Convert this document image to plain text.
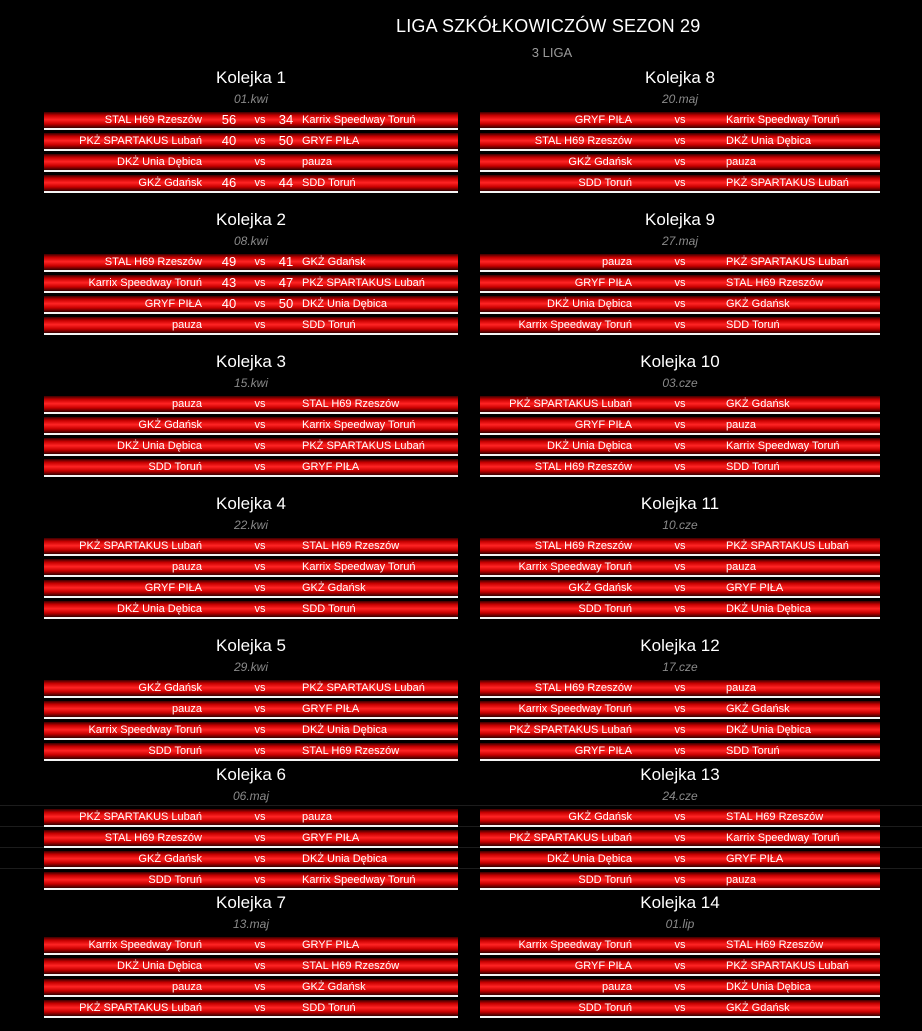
LIGA SZKÓŁKOWICZÓW SEZON 29
3 LIGA
Kolejka 1
01.kwi
STAL H69 Rzeszów	56	vs	34 Karrix Speedway Toruń
PKŻ SPARTAKUS Lubań	40	vs	50 GRYF PIŁA
DKŻ Unia Dębica	vs	pauza
GKŻ Gdańsk	46	vs	44 SDD Toruń
Kolejka 2
08.kwi
STAL H69 Rzeszów	49	vs	41 GKŻ Gdańsk
Karrix Speedway Toruń	43	vs	47 PKŻ SPARTAKUS Lubań
GRYF PIŁA	40	vs	50 DKŻ Unia Dębica
pauza	vs	SDD Toruń
Kolejka 3
15.kwi
pauza	vs	STAL H69 Rzeszów
GKŻ Gdańsk	vs	Karrix Speedway Toruń
DKŻ Unia Dębica	vs	PKŻ SPARTAKUS Lubań
SDD Toruń	vs	GRYF PIŁA
Kolejka 4
22.kwi
PKŻ SPARTAKUS Lubań	vs	STAL H69 Rzeszów
pauza	vs	Karrix Speedway Toruń
GRYF PIŁA	vs	GKŻ Gdańsk
DKŻ Unia Dębica	vs	SDD Toruń
Kolejka 5
29.kwi
GKŻ Gdańsk	vs	PKŻ SPARTAKUS Lubań
pauza	vs	GRYF PIŁA
Karrix Speedway Toruń	vs	DKŻ Unia Dębica
SDD Toruń	vs	STAL H69 Rzeszów
Kolejka 6
06.maj
PKŻ SPARTAKUS Lubań	vs	pauza
STAL H69 Rzeszów	vs	GRYF PIŁA
GKŻ Gdańsk	vs	DKŻ Unia Dębica
SDD Toruń	vs	Karrix Speedway Toruń
Kolejka 7
13.maj
Karrix Speedway Toruń	vs	GRYF PIŁA
DKŻ Unia Dębica	vs	STAL H69 Rzeszów
pauza	vs	GKŻ Gdańsk
PKŻ SPARTAKUS Lubań	vs	SDD Toruń
Kolejka 8
20.maj
GRYF PIŁA	vs	Karrix Speedway Toruń
STAL H69 Rzeszów	vs	DKŻ Unia Dębica
GKŻ Gdańsk	vs	pauza
SDD Toruń	vs	PKŻ SPARTAKUS Lubań
Kolejka 9
27.maj
pauza	vs	PKŻ SPARTAKUS Lubań
GRYF PIŁA	vs	STAL H69 Rzeszów
DKŻ Unia Dębica	vs	GKŻ Gdańsk
Karrix Speedway Toruń	vs	SDD Toruń
Kolejka 10
03.cze
PKŻ SPARTAKUS Lubań	vs	GKŻ Gdańsk
GRYF PIŁA	vs	pauza
DKŻ Unia Dębica	vs	Karrix Speedway Toruń
STAL H69 Rzeszów	vs	SDD Toruń
Kolejka 11
10.cze
STAL H69 Rzeszów	vs	PKŻ SPARTAKUS Lubań
Karrix Speedway Toruń	vs	pauza
GKŻ Gdańsk	vs	GRYF PIŁA
SDD Toruń	vs	DKŻ Unia Dębica
Kolejka 12
17.cze
STAL H69 Rzeszów	vs	pauza
Karrix Speedway Toruń	vs	GKŻ Gdańsk
PKŻ SPARTAKUS Lubań	vs	DKŻ Unia Dębica
GRYF PIŁA	vs	SDD Toruń
Kolejka 13
24.cze
GKŻ Gdańsk	vs	STAL H69 Rzeszów
PKŻ SPARTAKUS Lubań	vs	Karrix Speedway Toruń
DKŻ Unia Dębica	vs	GRYF PIŁA
SDD Toruń	vs	pauza
Kolejka 14
01.lip
Karrix Speedway Toruń	vs	STAL H69 Rzeszów
GRYF PIŁA	vs	PKŻ SPARTAKUS Lubań
pauza	vs	DKŻ Unia Dębica
SDD Toruń	vs	GKŻ Gdańsk
